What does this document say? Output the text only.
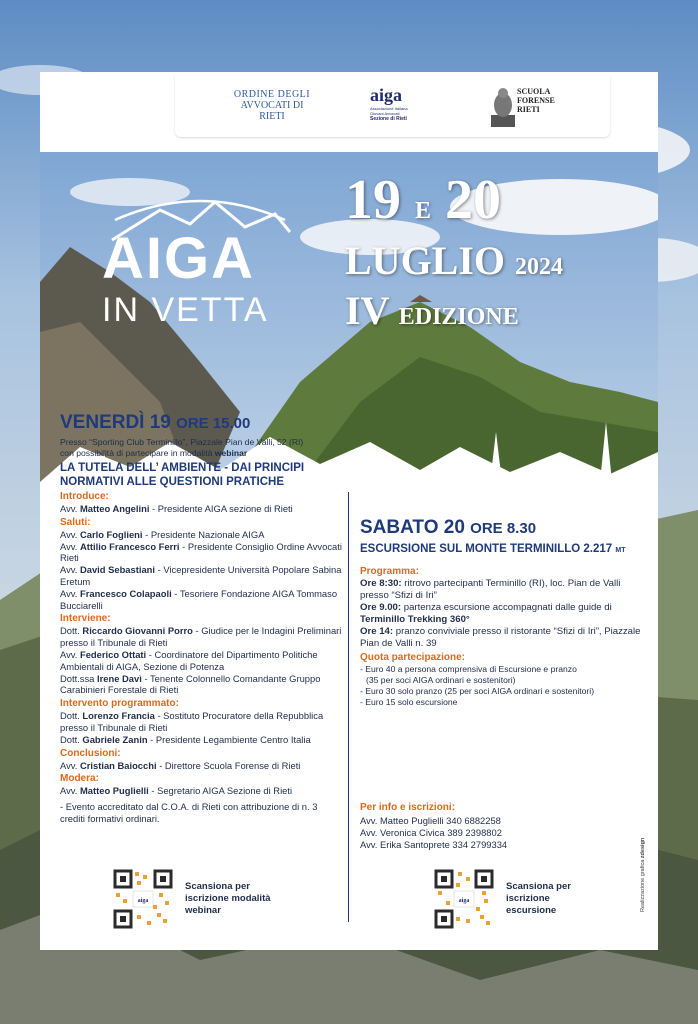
ORDINE DEGLI
AVVOCATI DI RIETI
aiga
Associazione Italiana
Giovani Avvocati
Sezione di Rieti
SCUOLA
FORENSE
RIETI
AIGA
IN VETTA
19 E 20
LUGLIO 2024
IV EDIZIONE
VENERDÌ 19 ORE 15.00
Presso “Sporting Club Terminillo”, Piazzale Pian de Valli, 52 (RI)
con possibilità di partecipare in modalità webinar
LA TUTELA DELL’ AMBIENTE - DAI PRINCIPI
NORMATIVI ALLE QUESTIONI PRATICHE
Introduce:
Avv. Matteo Angelini - Presidente AIGA sezione di Rieti
Saluti:
Avv. Carlo Foglieni - Presidente Nazionale AIGA
Avv. Attilio Francesco Ferri - Presidente Consiglio Ordine Avvocati Rieti
Avv. David Sebastiani - Vicepresidente Università Popolare Sabina Eretum
Avv. Francesco Colapaoli - Tesoriere Fondazione AIGA Tommaso Bucciarelli
Interviene:
Dott. Riccardo Giovanni Porro - Giudice per le Indagini Preliminari presso il Tribunale di Rieti
Avv. Federico Ottati - Coordinatore del Dipartimento Politiche Ambientali di AIGA, Sezione di Potenza
Dott.ssa Irene Davì - Tenente Colonnello Comandante Gruppo Carabinieri Forestale di Rieti
Intervento programmato:
Dott. Lorenzo Francia - Sostituto Procuratore della Repubblica presso il Tribunale di Rieti
Dott. Gabriele Zanin - Presidente Legambiente Centro Italia
Conclusioni:
Avv. Cristian Baiocchi - Direttore Scuola Forense di Rieti
Modera:
Avv. Matteo Puglielli - Segretario AIGA Sezione di Rieti
- Evento accreditato dal C.O.A. di Rieti con attribuzione di n. 3 crediti formativi ordinari.
SABATO 20 ORE 8.30
ESCURSIONE SUL MONTE TERMINILLO 2.217 MT
Programma:
Ore 8:30: ritrovo partecipanti Terminillo (RI), loc. Pian de Valli presso “Sfizi di Iri”
Ore 9.00: partenza escursione accompagnati dalle guide di Terminillo Trekking 360°
Ore 14: pranzo conviviale presso il ristorante “Sfizi di Iri”, Piazzale Pian de Valli n. 39
Quota partecipazione:
- Euro 40 a persona comprensiva di Escursione e pranzo
(35 per soci AIGA ordinari e sostenitori)
- Euro 30 solo pranzo (25 per soci AIGA ordinari e sostenitori)
- Euro 15 solo escursione
Per info e iscrizioni:
Avv. Matteo Puglielli 340 6882258
Avv. Veronica Civica 389 2398802
Avv. Erika Santoprete 334 2799334
aiga
Scansiona per
iscrizione modalità
webinar
aiga
Scansiona per
iscrizione
escursione	Realizzazione grafica zdesign
